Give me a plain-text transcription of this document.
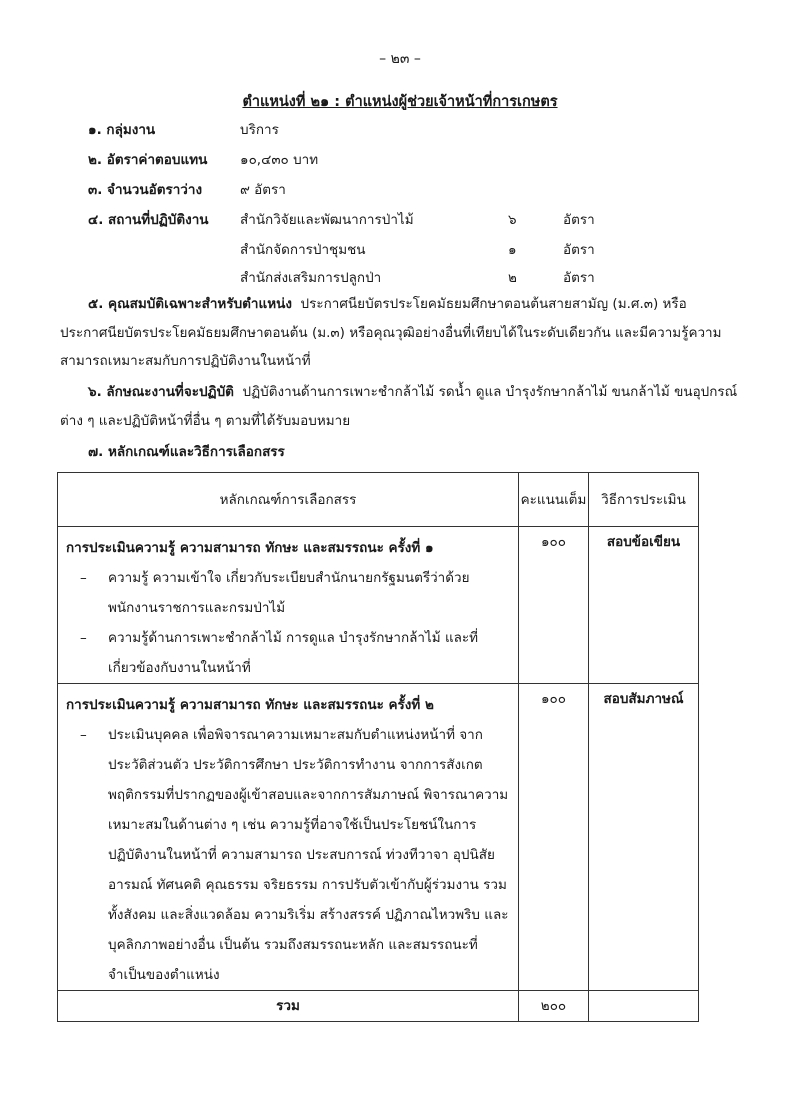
– ๒๓ –
ตำแหน่งที่ ๒๑ : ตำแหน่งผู้ช่วยเจ้าหน้าที่การเกษตร
๑. กลุ่มงาน	บริการ
๒. อัตราค่าตอบแทน ๑๐,๔๓๐ บาท
๓. จำนวนอัตราว่าง	๙ อัตรา
๔. สถานที่ปฏิบัติงาน สำนักวิจัยและพัฒนาการป่าไม้	๖	อัตรา
สำนักจัดการป่าชุมชน	๑	อัตรา
สำนักส่งเสริมการปลูกป่า	๒	อัตรา
๕. คุณสมบัติเฉพาะสำหรับตำแหน่ง ประกาศนียบัตรประโยคมัธยมศึกษาตอนต้นสายสามัญ (ม.ศ.๓) หรือประกาศนียบัตรประโยคมัธยมศึกษาตอนต้น (ม.๓) หรือคุณวุฒิอย่างอื่นที่เทียบได้ในระดับเดียวกัน และมีความรู้ความสามารถเหมาะสมกับการปฏิบัติงานในหน้าที่
๖. ลักษณะงานที่จะปฏิบัติ ปฏิบัติงานด้านการเพาะชำกล้าไม้ รดน้ำ ดูแล บำรุงรักษากล้าไม้ ขนกล้าไม้ ขนอุปกรณ์ต่าง ๆ และปฏิบัติหน้าที่อื่น ๆ ตามที่ได้รับมอบหมาย
๗. หลักเกณฑ์และวิธีการเลือกสรร
หลักเกณฑ์การเลือกสรร	คะแนนเต็ม	วิธีการประเมิน

การประเมินความรู้ ความสามารถ ทักษะ และสมรรถนะ ครั้งที่ ๑
– ความรู้ ความเข้าใจ เกี่ยวกับระเบียบสำนักนายกรัฐมนตรีว่าด้วยพนักงานราชการและกรมป่าไม้
– ความรู้ด้านการเพาะชำกล้าไม้ การดูแล บำรุงรักษากล้าไม้ และที่เกี่ยวข้องกับงานในหน้าที่	๑๐๐	สอบข้อเขียน

การประเมินความรู้ ความสามารถ ทักษะ และสมรรถนะ ครั้งที่ ๒
– ประเมินบุคคล เพื่อพิจารณาความเหมาะสมกับตำแหน่งหน้าที่ จากประวัติส่วนตัว ประวัติการศึกษา ประวัติการทำงาน จากการสังเกตพฤติกรรมที่ปรากฏของผู้เข้าสอบและจากการสัมภาษณ์ พิจารณาความเหมาะสมในด้านต่าง ๆ เช่น ความรู้ที่อาจใช้เป็นประโยชน์ในการปฏิบัติงานในหน้าที่ ความสามารถ ประสบการณ์ ท่วงทีวาจา อุปนิสัย อารมณ์ ทัศนคติ คุณธรรม จริยธรรม การปรับตัวเข้ากับผู้ร่วมงาน รวมทั้งสังคม และสิ่งแวดล้อม ความริเริ่ม สร้างสรรค์ ปฏิภาณไหวพริบ และบุคลิกภาพอย่างอื่น เป็นต้น รวมถึงสมรรถนะหลัก และสมรรถนะที่จำเป็นของตำแหน่ง	๑๐๐	สอบสัมภาษณ์
รวม	๒๐๐	
